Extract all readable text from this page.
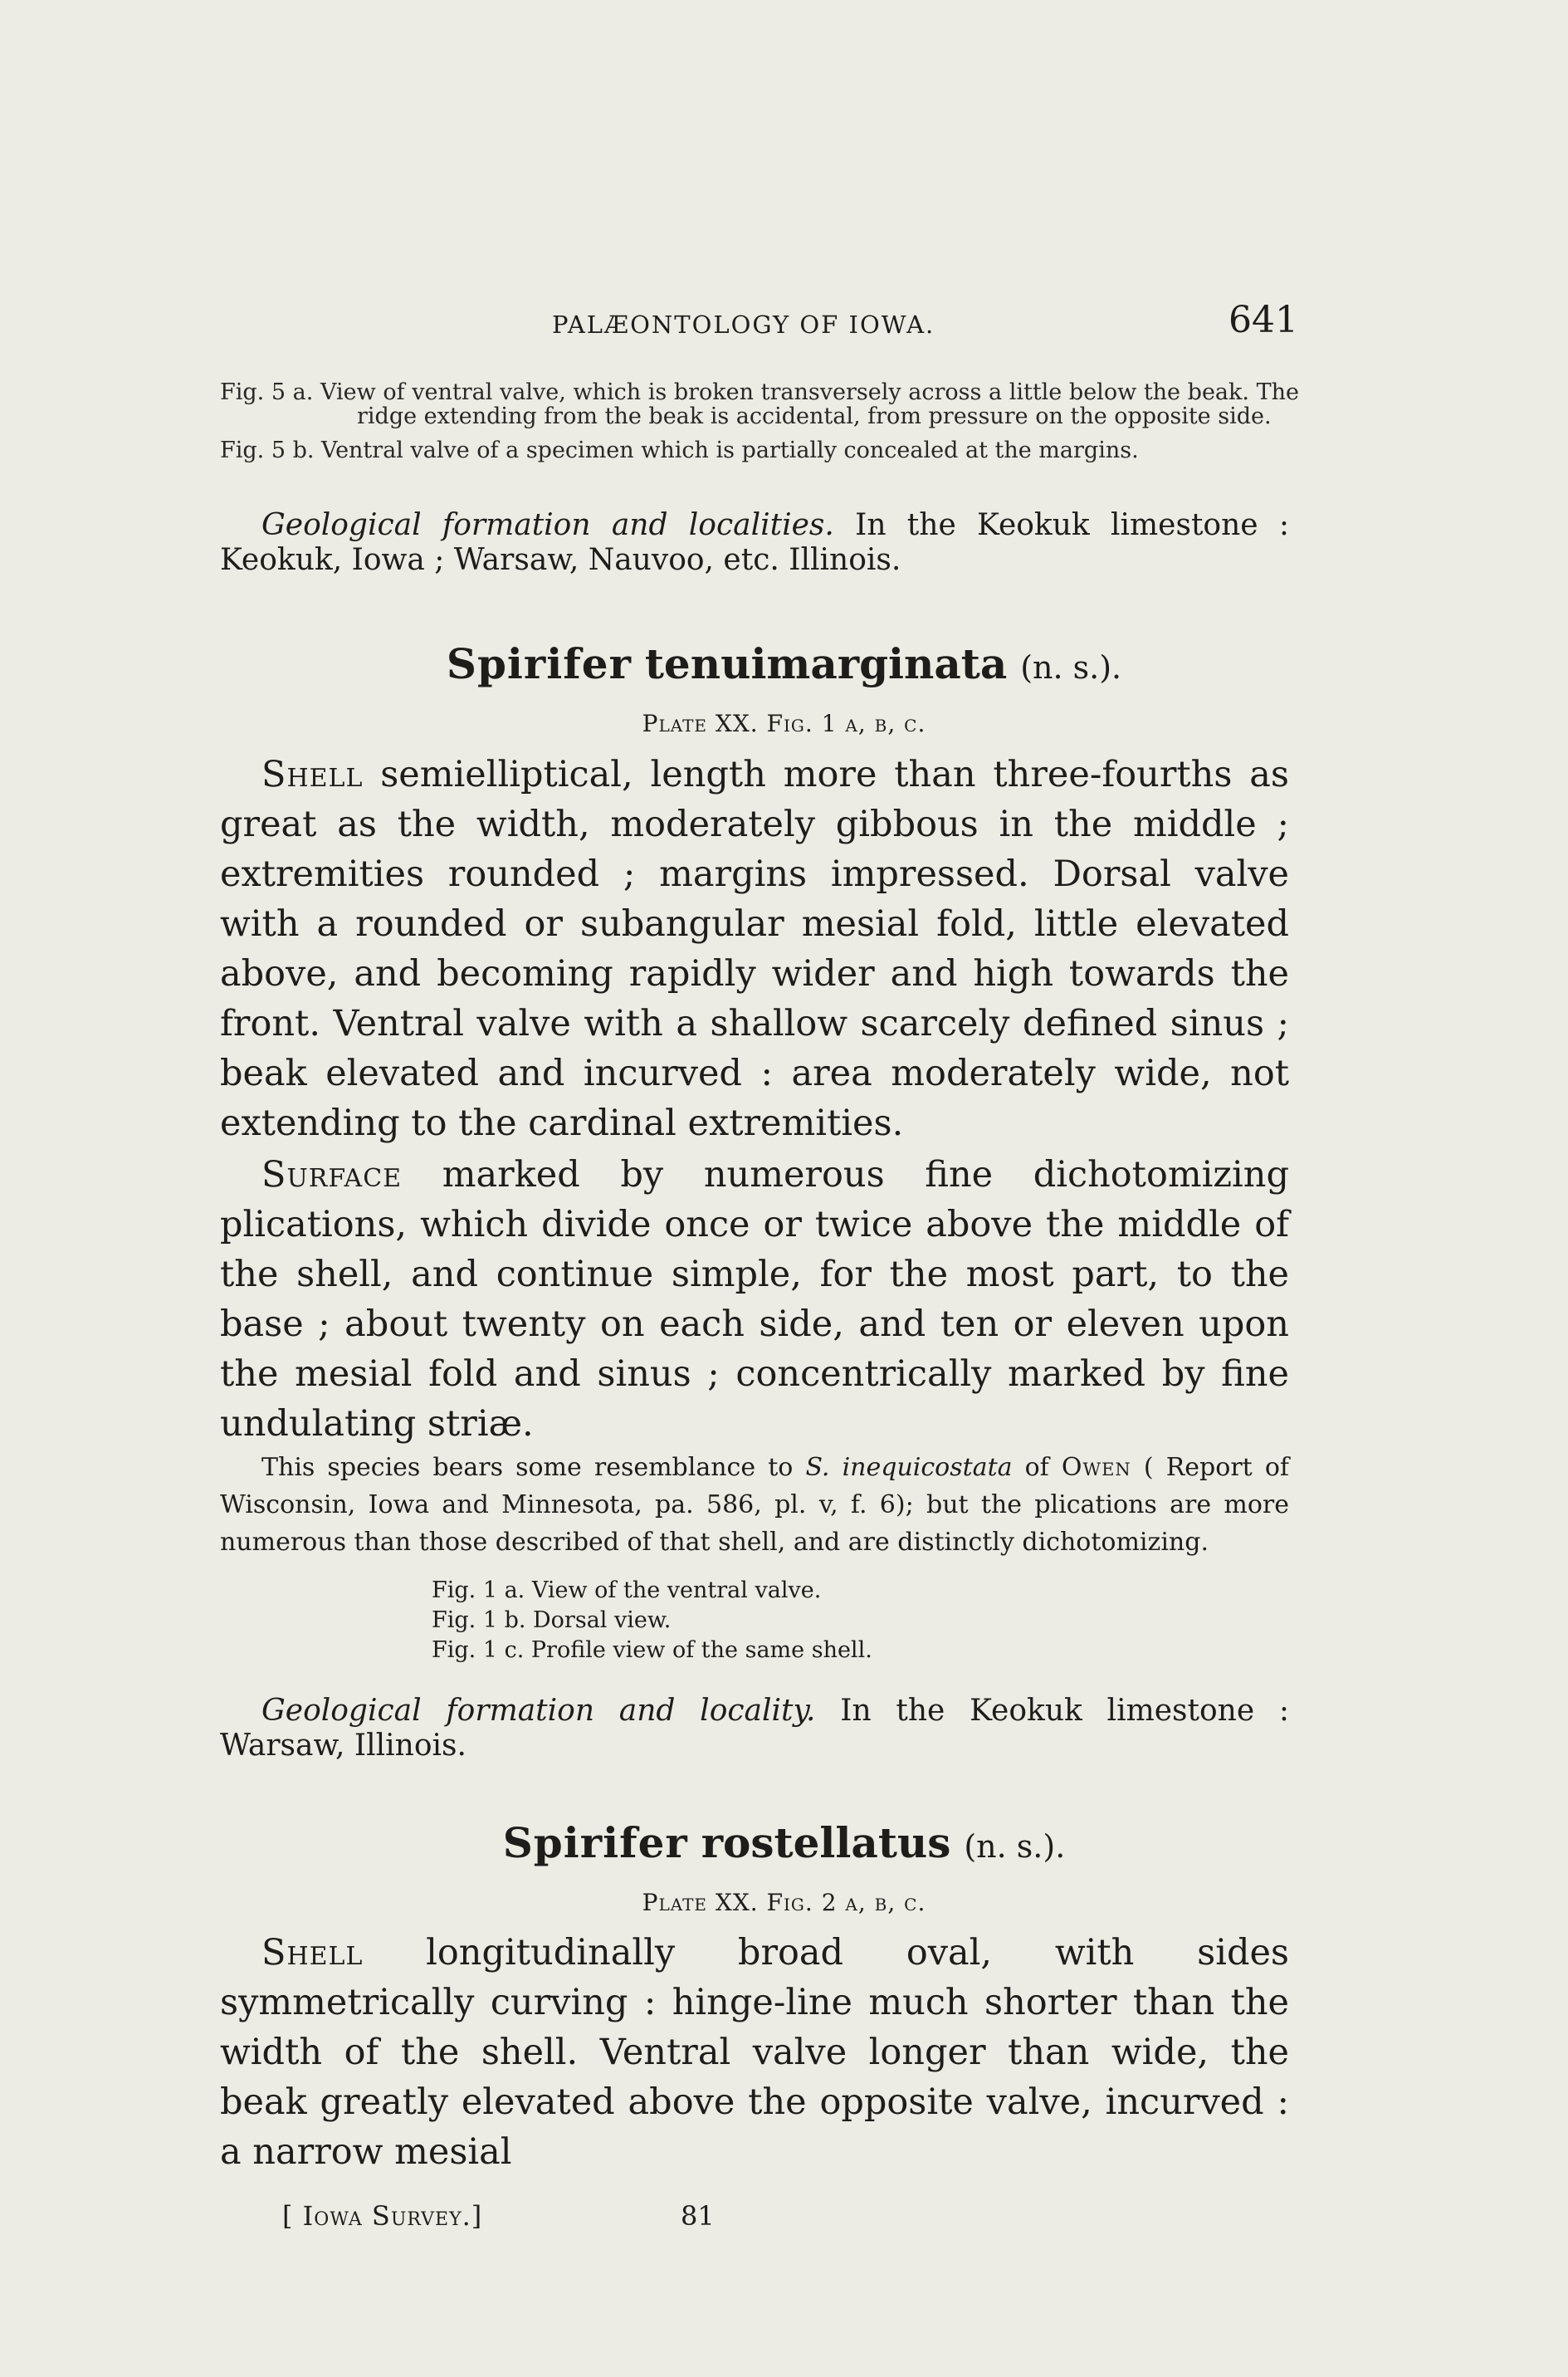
PALÆONTOLOGY OF IOWA.	641
Fig. 5 a. View of ventral valve, which is broken transversely across a little below the beak. The ridge extending from the beak is accidental, from pressure on the opposite side.
Fig. 5 b. Ventral valve of a specimen which is partially concealed at the margins.
Geological formation and localities. In the Keokuk limestone : Keokuk, Iowa ; Warsaw, Nauvoo, etc. Illinois.
Spirifer tenuimarginata (n. s.).
Plate XX. Fig. 1 a, b, c.
Shell semielliptical, length more than three-fourths as great as the width, moderately gibbous in the middle ; extremities rounded ; margins impressed. Dorsal valve with a rounded or subangular mesial fold, little elevated above, and becoming rapidly wider and high towards the front. Ventral valve with a shallow scarcely defined sinus ; beak elevated and incurved : area moderately wide, not extending to the cardinal extremities.
Surface marked by numerous fine dichotomizing plications, which divide once or twice above the middle of the shell, and continue simple, for the most part, to the base ; about twenty on each side, and ten or eleven upon the mesial fold and sinus ; concentrically marked by fine undulating striæ.
This species bears some resemblance to S. inequicostata of Owen ( Report of Wisconsin, Iowa and Minnesota, pa. 586, pl. v, f. 6); but the plications are more numerous than those described of that shell, and are distinctly dichotomizing.
Fig. 1 a. View of the ventral valve.
Fig. 1 b. Dorsal view.
Fig. 1 c. Profile view of the same shell.
Geological formation and locality. In the Keokuk limestone : Warsaw, Illinois.
Spirifer rostellatus (n. s.).
Plate XX. Fig. 2 a, b, c.
Shell longitudinally broad oval, with sides symmetrically curving : hinge-line much shorter than the width of the shell. Ventral valve longer than wide, the beak greatly elevated above the opposite valve, incurved : a narrow mesial
[ Iowa Survey.]	81
